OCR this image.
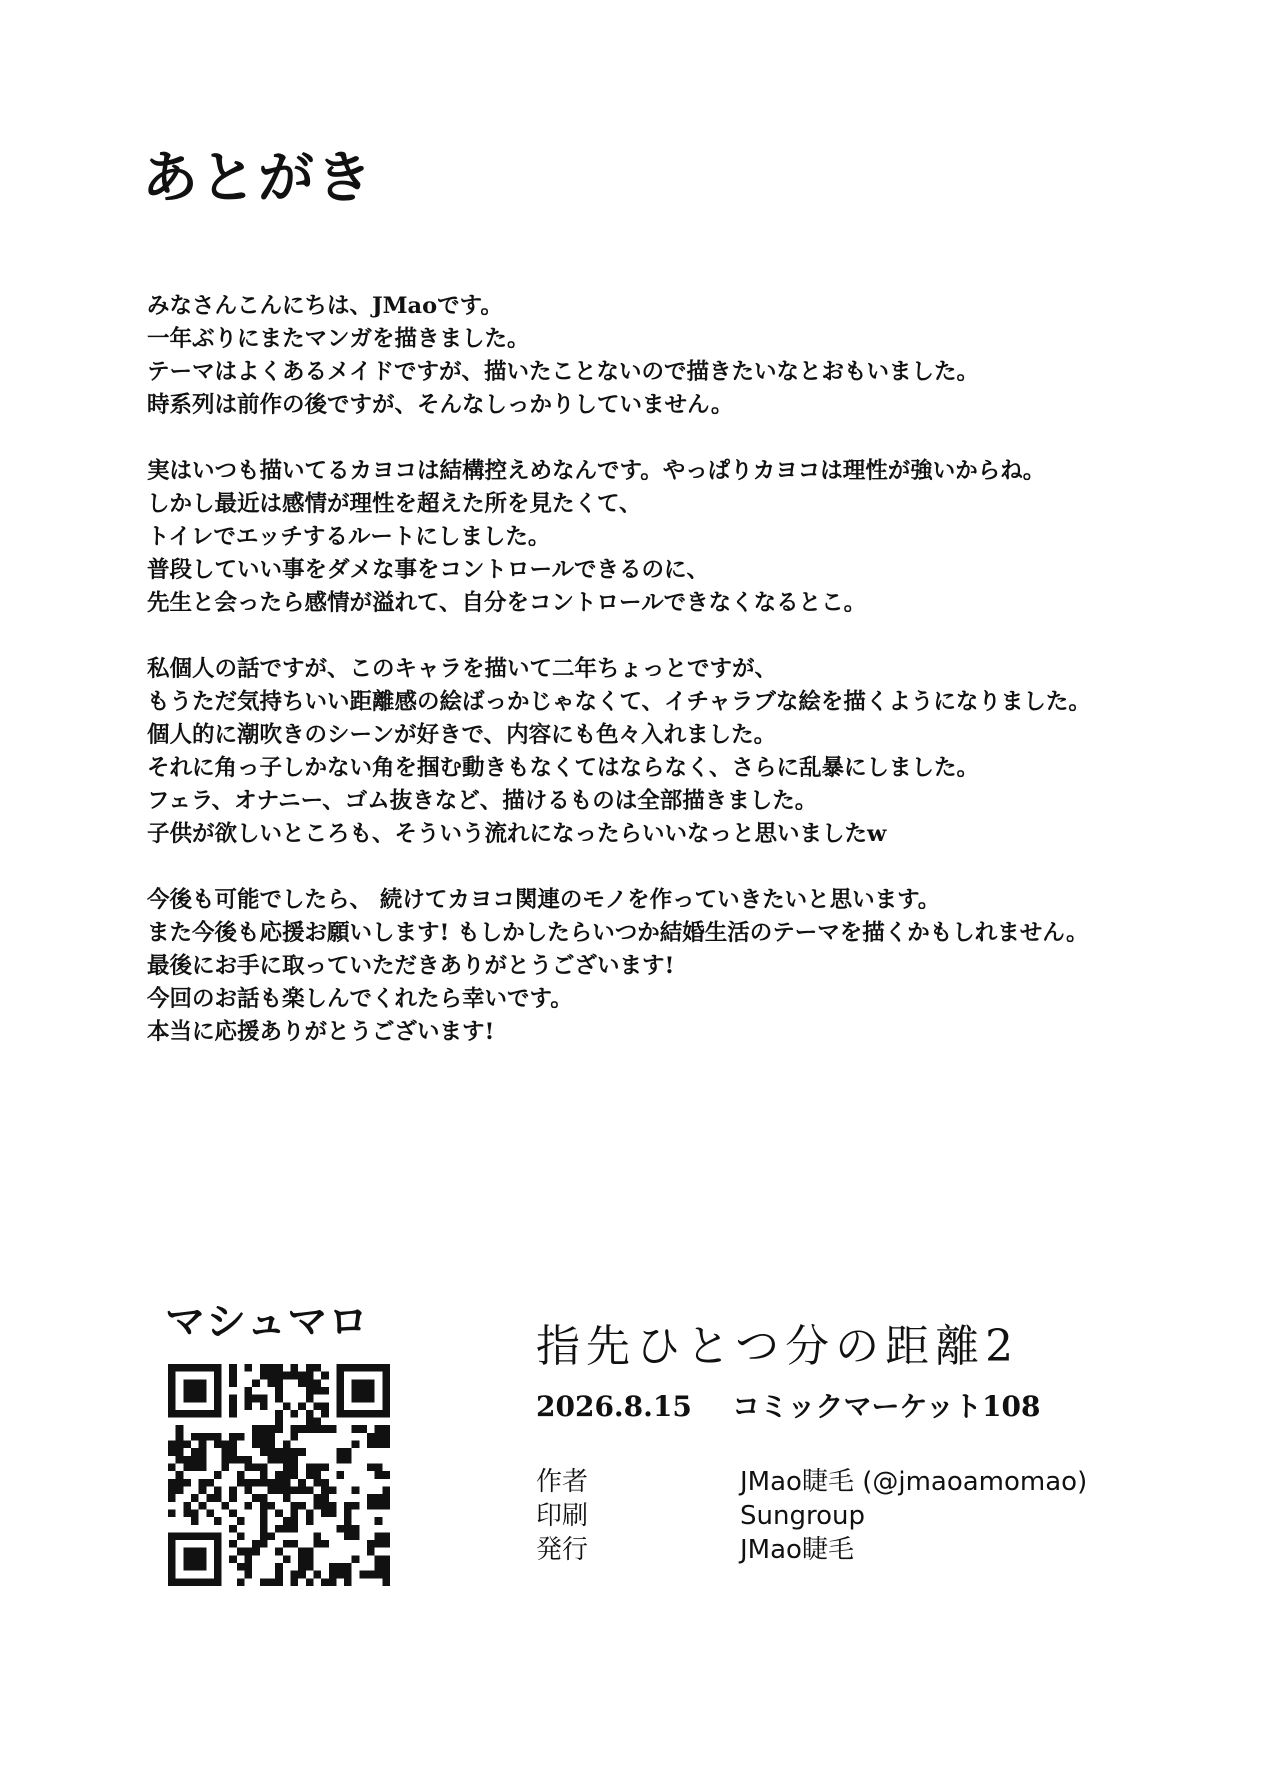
あとがき

みなさんこんにちは、JMaoです。
一年ぶりにまたマンガを描きました。
テーマはよくあるメイドですが、描いたことないので描きたいなとおもいました。
時系列は前作の後ですが、そんなしっかりしていません。

実はいつも描いてるカヨコは結構控えめなんです。やっぱりカヨコは理性が強いからね。
しかし最近は感情が理性を超えた所を見たくて、
トイレでエッチするルートにしました。
普段していい事をダメな事をコントロールできるのに、
先生と会ったら感情が溢れて、自分をコントロールできなくなるとこ。

私個人の話ですが、このキャラを描いて二年ちょっとですが、
もうただ気持ちいい距離感の絵ばっかじゃなくて、イチャラブな絵を描くようになりました。
個人的に潮吹きのシーンが好きで、内容にも色々入れました。
それに角っ子しかない角を掴む動きもなくてはならなく、さらに乱暴にしました。
フェラ、オナニー、ゴム抜きなど、描けるものは全部描きました。
子供が欲しいところも、そういう流れになったらいいなっと思いましたw

今後も可能でしたら、 続けてカヨコ関連のモノを作っていきたいと思います。
また今後も応援お願いします! もしかしたらいつか結婚生活のテーマを描くかもしれません。
最後にお手に取っていただきありがとうございます!
今回のお話も楽しんでくれたら幸いです。
本当に応援ありがとうございます!

マシュマロ	指先ひとつ分の距離2
2026.8.15 コミックマーケット108
作者	JMao睫毛 (@jmaoamomao)
印刷	Sungroup
発行	JMao睫毛
